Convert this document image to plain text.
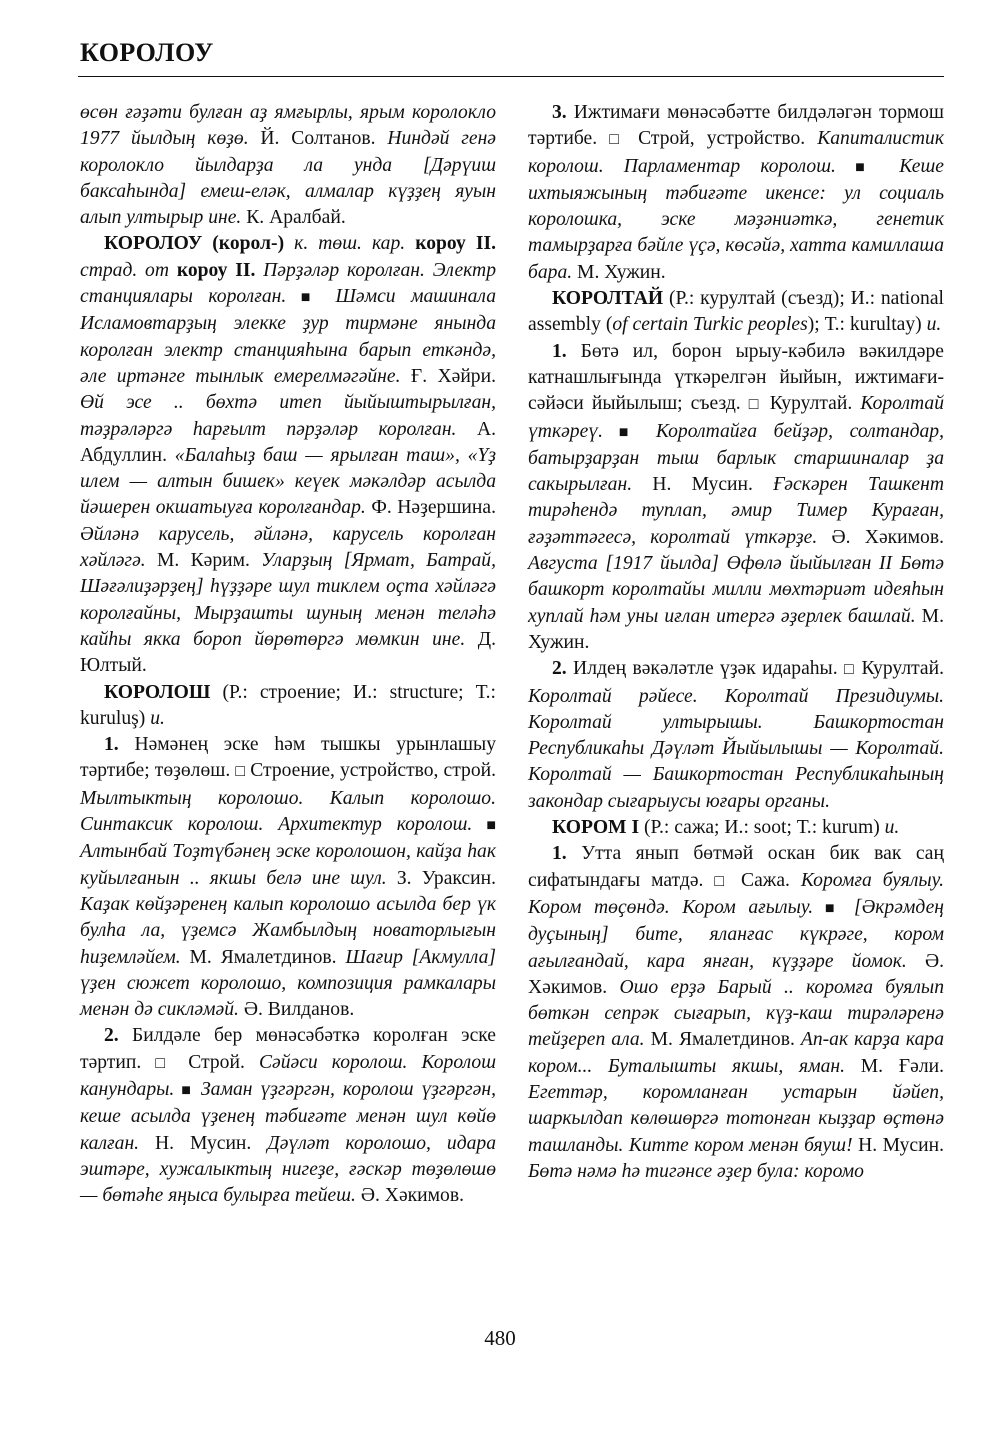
КОРОЛОУ

өсөн ғәҙәти булған аҙ ямғырлы, ярым королокло 1977 йылдың көҙө. Й. Солтанов. Ниндәй генә королокло йылдарҙа ла унда [Дәрүиш баксаһында] емеш-еләк, алмалар күҙҙең яуын алып ултырыр ине. К. Аралбай.

КОРОЛОУ (корол-) к. төш. кар. короу II. страд. от короу II. Пәрҙәләр королған. Электр станциялары королған. ■ Шәмси машинала Исламовтарҙың элекке ҙур тирмәне янында королған электр станцияһына барып еткәндә, әле иртәнге тынлык емерелмәгәйне. Ғ. Хәйри. Өй эсе .. бөхтә итеп йыйыштырылған, тәҙрәләргә һарғылт пәрҙәләр королған. А. Абдуллин. «Балаһыҙ баш — ярылған таш», «Үҙ илем — алтын бишек» кеүек мәкәлдәр асылда йәшерен окшатыуға королғандар. Ф. Нәҙершина. Әйләнә карусель, әйләнә, карусель королған хәйләгә. М. Кәрим. Уларҙың [Ярмат, Батрай, Шәғәлиҙәрҙең] һүҙҙәре шул тиклем оҫта хәйләгә королғайны, Мырҙашты шуның менән теләһә кайһы якка бороп йөрөтөргә мөмкин ине. Д. Юлтый.

КОРОЛОШ (Р.: строение; И.: structure; Т.: kuruluş) и.

1. Нәмәнең эске һәм тышкы урынлашыу тәртибе; төҙөлөш. □ Строение, устройство, строй. Мылтыктың королошо. Калып королошо. Синтаксик королош. Архитектур королош. ■ Алтынбай Тоҙтүбәнең эске королошон, кайҙа һак куйылғанын .. якшы белә ине шул. З. Ураксин. Каҙак көйҙәренең калып королошо асылда бер үк булһа ла, үҙемсә Жамбылдың новаторлығын һиҙемләйем. М. Ямалетдинов. Шағир [Акмулла] үҙен сюжет королошо, композиция рамкалары менән дә сикләмәй. Ә. Вилданов.

2. Билдәле бер мөнәсәбәткә королған эске тәртип. □ Строй. Сәйәси королош. Королош канундары. ■ Заман үҙгәргән, королош үҙгәргән, кеше асылда үҙенең тәбиғәте менән шул көйө калған. Н. Мусин. Дәүләт королошо, идара эштәре, хужалыктың нигеҙе, ғәскәр төҙөлөшө — бөтәһе яңыса булырға тейеш. Ә. Хәкимов.

3. Ижтимағи мөнәсәбәтте билдәләгән тормош тәртибе. □ Строй, устройство. Капиталистик королош. Парламентар королош. ■ Кеше ихтыяжының тәбиғәте икенсе: ул социаль королошка, эске мәҙәниәткә, генетик тамырҙарға бәйле үҫә, көсәйә, хатта камиллаша бара. М. Хужин.

КОРОЛТАЙ (Р.: курултай (съезд); И.: national assembly (of certain Turkic peoples); Т.: kurultay) и.

1. Бөтә ил, борон ырыу-кәбилә вәкилдәре катнашлығында үткәрелгән йыйын, ижтимағи-сәйәси йыйылыш; съезд. □ Курултай. Королтай үткәреү. ■ Королтайға бейҙәр, солтандар, батырҙарҙан тыш барлык старшиналар ҙа сакырылған. Н. Мусин. Ғәскәрен Ташкент тирәһендә туплап, әмир Тимер Кураған, ғәҙәттәгесә, королтай үткәрҙе. Ә. Хәкимов. Августа [1917 йылда] Өфөлә йыйылған II Бөтә башкорт королтайы милли мөхтәриәт идеяһын хуплай һәм уны иғлан итергә әҙерлек башлай. М. Хужин.

2. Илдең вәкәләтле үҙәк идараһы. □ Курултай. Королтай рәйесе. Королтай Президиумы. Королтай ултырышы. Башкортостан Республикаһы Дәүләт Йыйылышы — Королтай. Королтай — Башкортостан Республикаһының закондар сығарыусы юғары органы.

КОРОМ I (Р.: сажа; И.: soot; Т.: kurum) и.

1. Утта янып бөтмәй оскан бик вак саң сифатындағы матдә. □ Сажа. Коромға буялыу. Кором төҫөндә. Кором ағылыу. ■ [Әкрәмдең дуҫының] бите, яланғас күкрәге, кором ағылғандай, кара янған, күҙҙәре йомок. Ә. Хәкимов. Ошо ерҙә Барый .. коромға буялып бөткән сепрәк сығарып, күҙ-каш тирәләренә тейҙереп ала. М. Ямалетдинов. Ап-ак карҙа кара кором... Буталышты якшы, яман. М. Ғәли. Егеттәр, коромланған устарын йәйеп, шаркылдап көлөшөргә тотонған кыҙҙар өҫтөнә ташланды. Китте кором менән бяуш! Н. Мусин. Бөтә нәмә һә тигәнсе әҙер була: коромо

480
